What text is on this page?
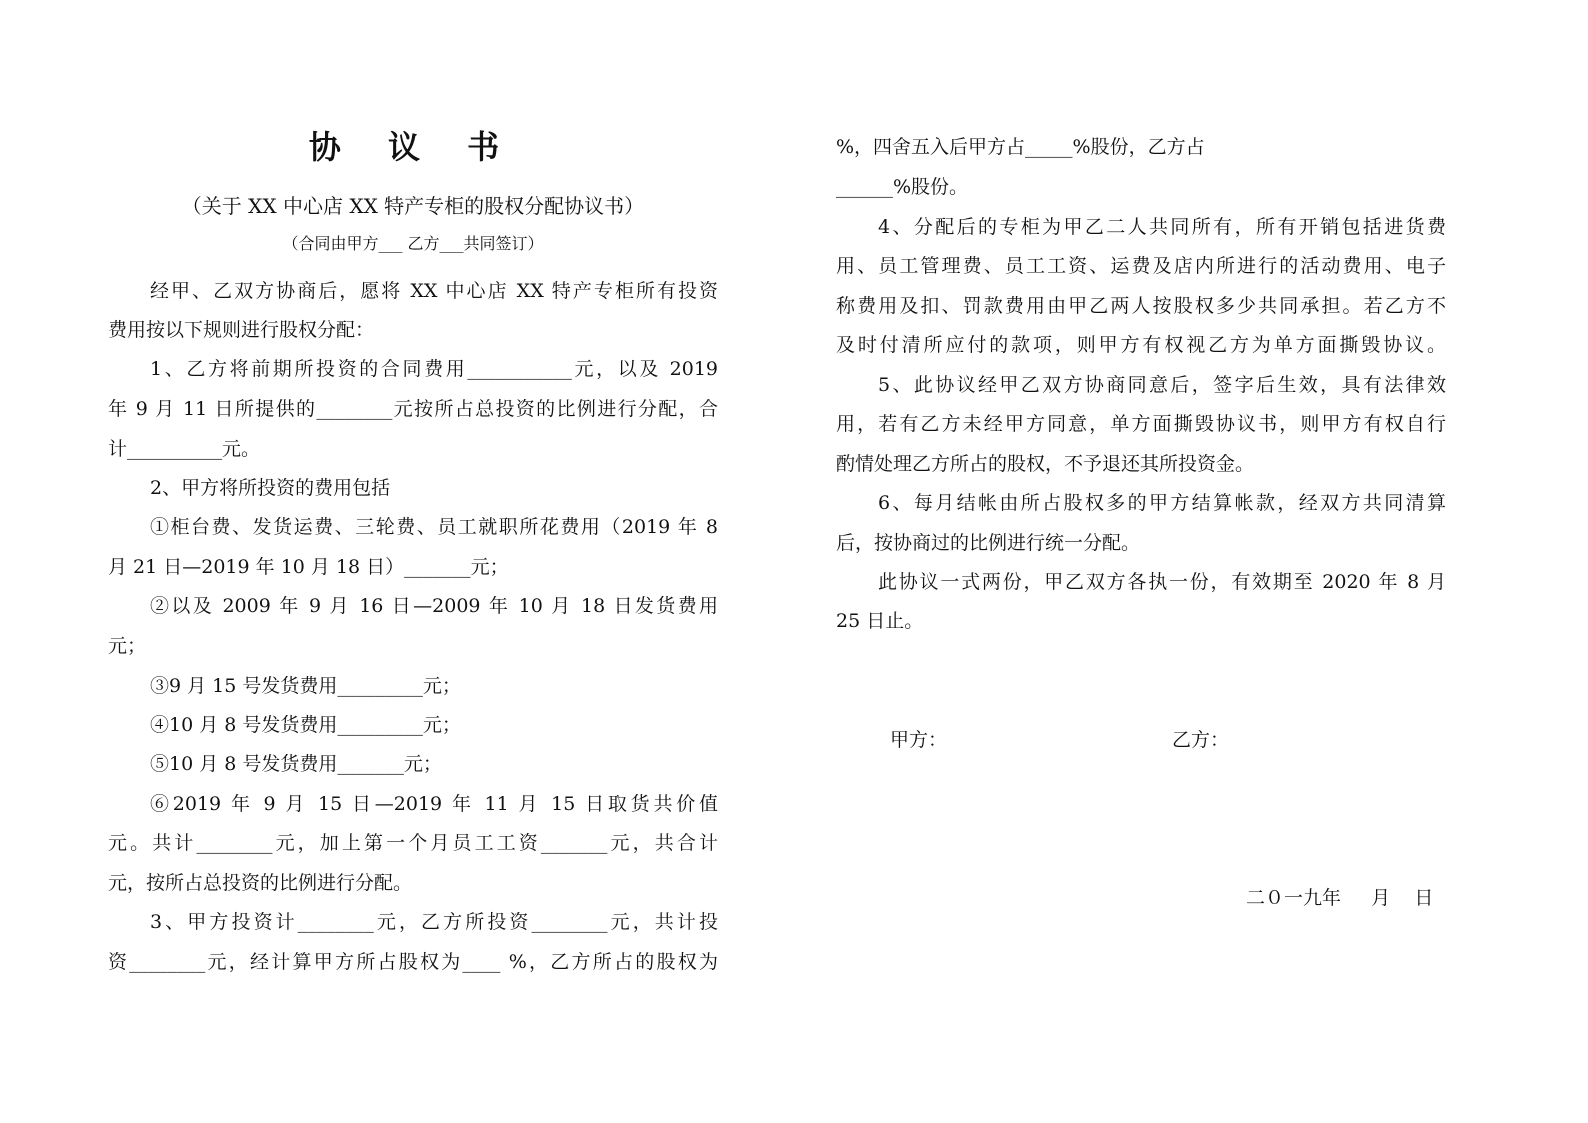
协 议 书
（关于 XX 中心店 XX 特产专柜的股权分配协议书）
（合同由甲方___ 乙方___共同签订）
经甲、乙双方协商后，愿将 XX 中心店 XX 特产专柜所有投资
费用按以下规则进行股权分配：
1、乙方将前期所投资的合同费用___________元，以及 2019
年 9 月 11 日所提供的________元按所占总投资的比例进行分配，合
计__________元。
2、甲方将所投资的费用包括
①柜台费、发货运费、三轮费、员工就职所花费用（2019 年 8
月 21 日—2019 年 10 月 18 日）_______元；
②以及 2009 年 9 月 16 日—2009 年 10 月 18 日发货费用
元；
③9 月 15 号发货费用_________元；
④10 月 8 号发货费用_________元；
⑤10 月 8 号发货费用_______元；
⑥2019 年 9 月 15 日—2019 年 11 月 15 日取货共价值
元。共计________元，加上第一个月员工工资_______元，共合计
元，按所占总投资的比例进行分配。
3、甲方投资计________元，乙方所投资________元，共计投
资________元，经计算甲方所占股权为____ %，乙方所占的股权为
%，四舍五入后甲方占_____%股份，乙方占
______%股份。
4、分配后的专柜为甲乙二人共同所有，所有开销包括进货费
用、员工管理费、员工工资、运费及店内所进行的活动费用、电子
称费用及扣、罚款费用由甲乙两人按股权多少共同承担。若乙方不
及时付清所应付的款项，则甲方有权视乙方为单方面撕毁协议。
5、此协议经甲乙双方协商同意后，签字后生效，具有法律效
用，若有乙方未经甲方同意，单方面撕毁协议书，则甲方有权自行
酌情处理乙方所占的股权，不予退还其所投资金。
6、每月结帐由所占股权多的甲方结算帐款，经双方共同清算
后，按协商过的比例进行统一分配。
此协议一式两份，甲乙双方各执一份，有效期至 2020 年 8 月
25 日止。
甲方：	乙方：
二０一九年     月    日
